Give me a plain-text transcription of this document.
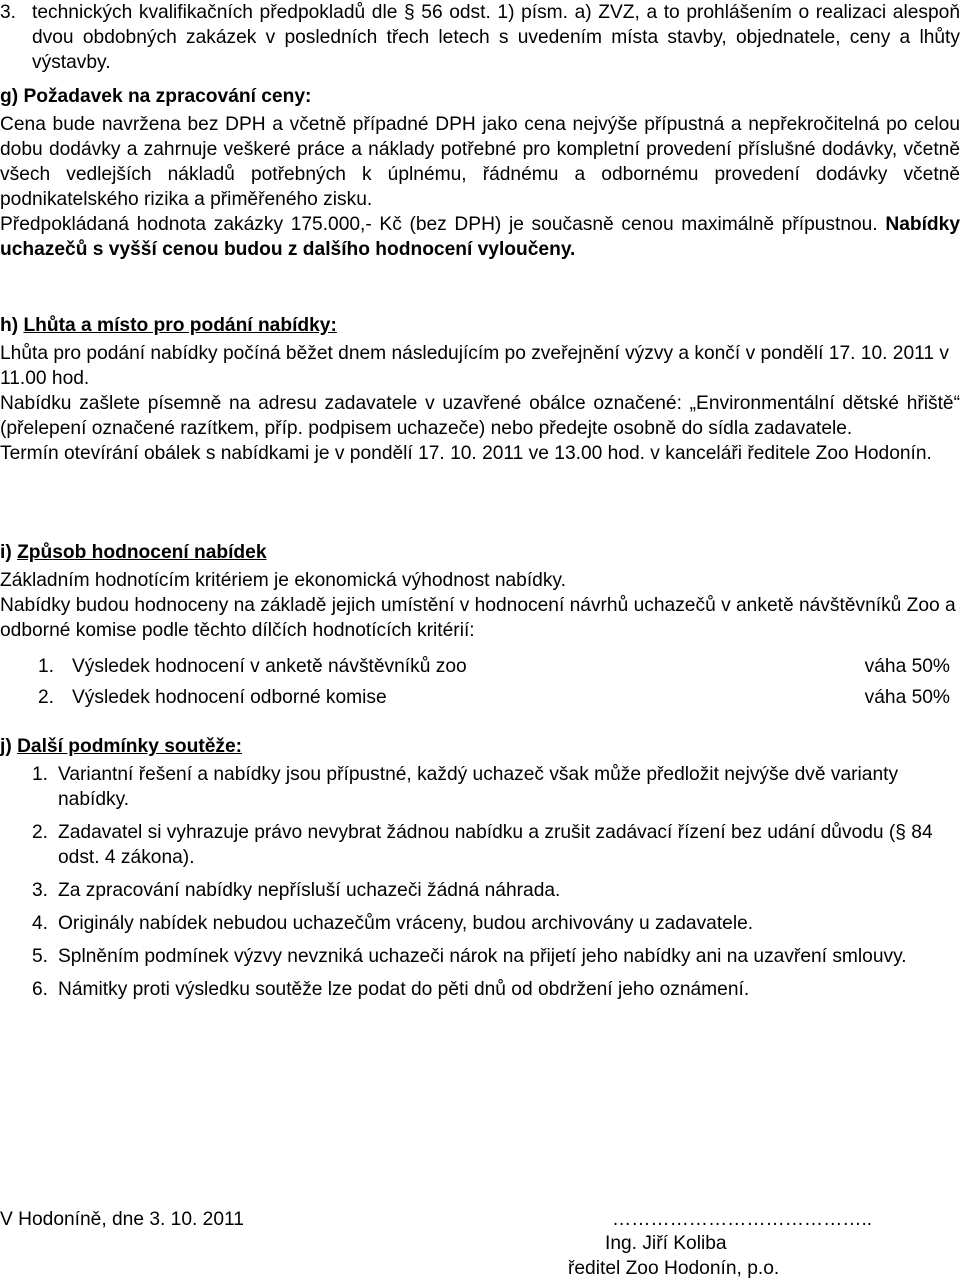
3. technických kvalifikačních předpokladů dle § 56 odst. 1) písm. a) ZVZ, a to prohlášením o realizaci alespoň dvou obdobných zakázek v posledních třech letech s uvedením místa stavby, objednatele, ceny a lhůty výstavby.

g) Požadavek na zpracování ceny:

Cena bude navržena bez DPH a včetně případné DPH jako cena nejvýše přípustná a nepřekročitelná po celou dobu dodávky a zahrnuje veškeré práce a náklady potřebné pro kompletní provedení příslušné dodávky, včetně všech vedlejších nákladů potřebných k úplnému, řádnému a odbornému provedení dodávky včetně podnikatelského rizika a přiměřeného zisku.

Předpokládaná hodnota zakázky 175.000,- Kč (bez DPH) je současně cenou maximálně přípustnou. Nabídky uchazečů s vyšší cenou budou z dalšího hodnocení vyloučeny.

h) Lhůta a místo pro podání nabídky:

Lhůta pro podání nabídky počíná běžet dnem následujícím po zveřejnění výzvy a končí v pondělí 17. 10. 2011 v 11.00 hod.

Nabídku zašlete písemně na adresu zadavatele v uzavřené obálce označené: „Environmentální dětské hřiště“ (přelepení označené razítkem, příp. podpisem uchazeče) nebo předejte osobně do sídla zadavatele.

Termín otevírání obálek s nabídkami je v pondělí 17. 10. 2011 ve 13.00 hod. v kanceláři ředitele Zoo Hodonín.

i) Způsob hodnocení nabídek

Základním hodnotícím kritériem je ekonomická výhodnost nabídky.

Nabídky budou hodnoceny na základě jejich umístění v hodnocení návrhů uchazečů v anketě návštěvníků Zoo a odborné komise podle těchto dílčích hodnotících kritérií:

1. Výsledek hodnocení v anketě návštěvníků zoo	váha 50%
2. Výsledek hodnocení odborné komise	váha 50%

j) Další podmínky soutěže:

1. Variantní řešení a nabídky jsou přípustné, každý uchazeč však může předložit nejvýše dvě varianty nabídky.
2. Zadavatel si vyhrazuje právo nevybrat žádnou nabídku a zrušit zadávací řízení bez udání důvodu (§ 84 odst. 4 zákona).
3. Za zpracování nabídky nepřísluší uchazeči žádná náhrada.
4. Originály nabídek nebudou uchazečům vráceny, budou archivovány u zadavatele.
5. Splněním podmínek výzvy nevzniká uchazeči nárok na přijetí jeho nabídky ani na uzavření smlouvy.
6. Námitky proti výsledku soutěže lze podat do pěti dnů od obdržení jeho oznámení.
V Hodoníně, dne 3. 10. 2011	…………………………………..
Ing. Jiří Koliba
ředitel Zoo Hodonín, p.o.
